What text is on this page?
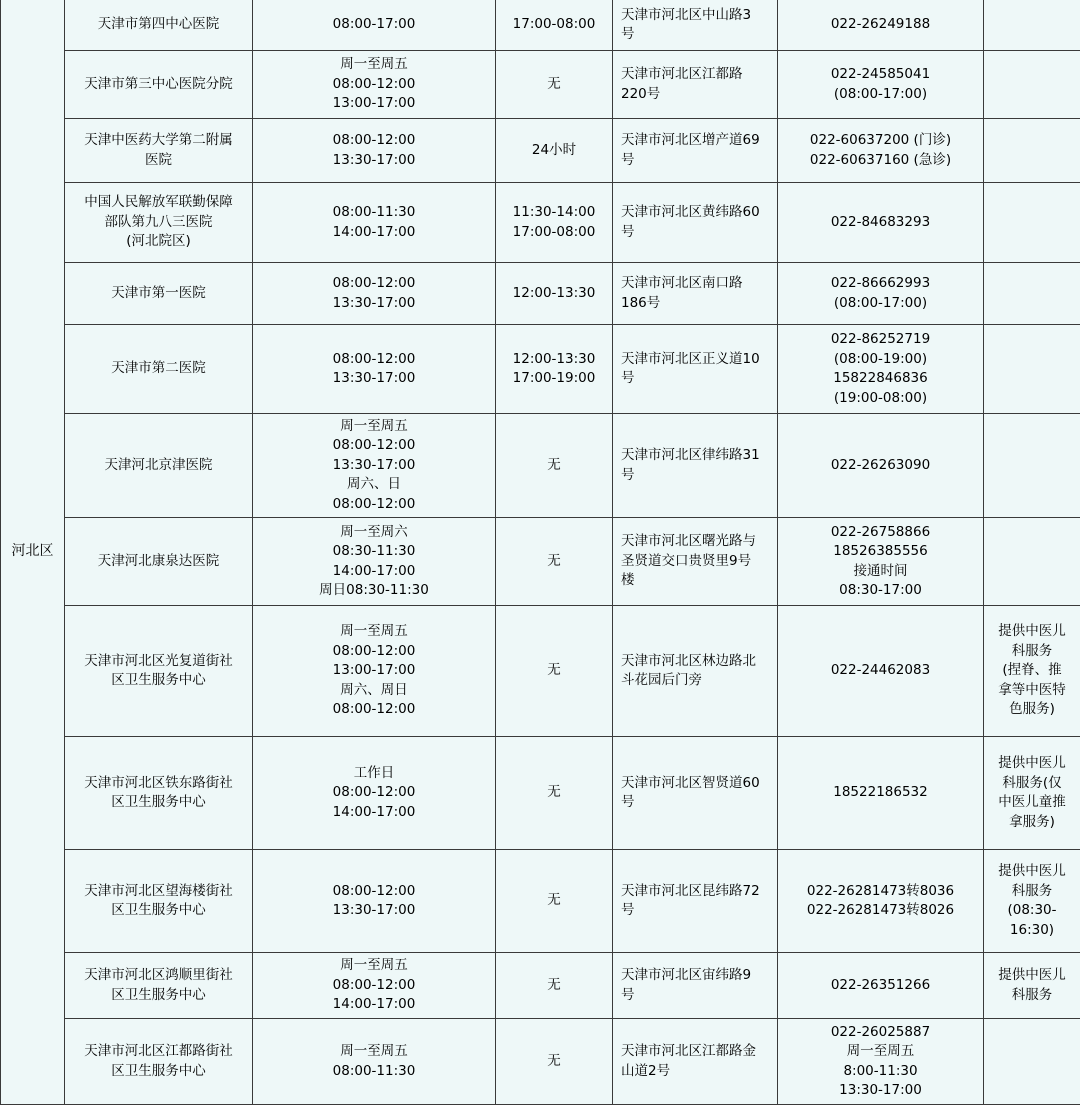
河北区	天津市第四中心医院	08:00-17:00	17:00-08:00	天津市河北区中山路3
号	022-26249188	
	天津市第三中心医院分院	周一至周五
08:00-12:00
13:00-17:00	无	天津市河北区江都路
220号	022-24585041
(08:00-17:00)	
	天津中医药大学第二附属
医院	08:00-12:00
13:30-17:00	24小时	天津市河北区增产道69
号	022-60637200 (门诊)
022-60637160 (急诊)	
	中国人民解放军联勤保障
部队第九八三医院
(河北院区)	08:00-11:30
14:00-17:00	11:30-14:00
17:00-08:00	天津市河北区黄纬路60
号	022-84683293	
	天津市第一医院	08:00-12:00
13:30-17:00	12:00-13:30	天津市河北区南口路
186号	022-86662993
(08:00-17:00)	
	天津市第二医院	08:00-12:00
13:30-17:00	12:00-13:30
17:00-19:00	天津市河北区正义道10
号	022-86252719
(08:00-19:00)
15822846836
(19:00-08:00)	
	天津河北京津医院	周一至周五
08:00-12:00
13:30-17:00
周六、日
08:00-12:00	无	天津市河北区律纬路31
号	022-26263090	
	天津河北康泉达医院	周一至周六
08:30-11:30
14:00-17:00
周日08:30-11:30	无	天津市河北区曙光路与
圣贤道交口贵贤里9号
楼	022-26758866
18526385556
接通时间
08:30-17:00	
	天津市河北区光复道街社
区卫生服务中心	周一至周五
08:00-12:00
13:00-17:00
周六、周日
08:00-12:00	无	天津市河北区林边路北
斗花园后门旁	022-24462083	提供中医儿
科服务
(捏脊、推
拿等中医特
色服务)
	天津市河北区铁东路街社
区卫生服务中心	工作日
08:00-12:00
14:00-17:00	无	天津市河北区智贤道60
号	18522186532	提供中医儿
科服务(仅
中医儿童推
拿服务)
	天津市河北区望海楼街社
区卫生服务中心	08:00-12:00
13:30-17:00	无	天津市河北区昆纬路72
号	022-26281473转8036
022-26281473转8026	提供中医儿
科服务
(08:30-
16:30)
	天津市河北区鸿顺里街社
区卫生服务中心	周一至周五
08:00-12:00
14:00-17:00	无	天津市河北区宙纬路9
号	022-26351266	提供中医儿
科服务
	天津市河北区江都路街社
区卫生服务中心	周一至周五
08:00-11:30	无	天津市河北区江都路金
山道2号	022-26025887
周一至周五
8:00-11:30
13:30-17:00	
